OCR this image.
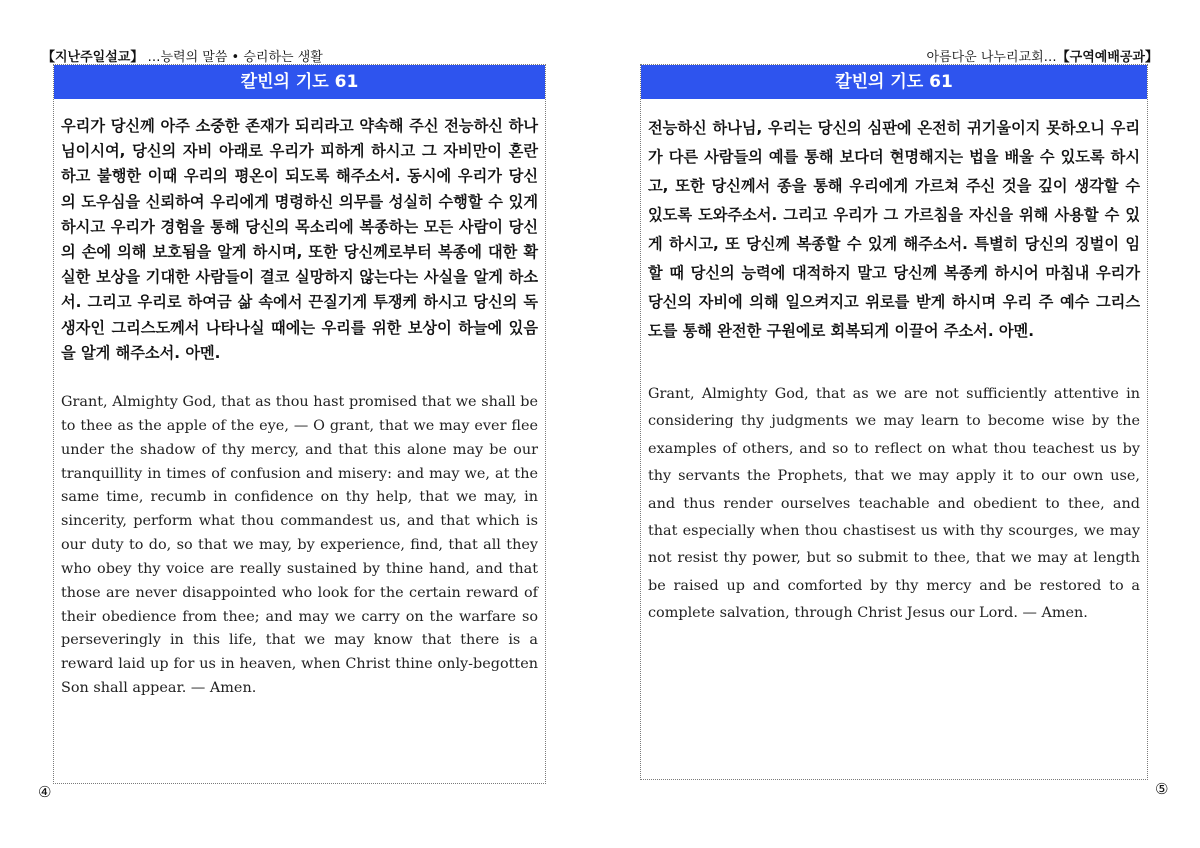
【지난주일설교】 …능력의 말씀 • 승리하는 생활	아름다운 나누리교회…【구역예배공과】
칼빈의 기도 61

우리가 당신께 아주 소중한 존재가 되리라고 약속해 주신 전능하신 하나님이시여, 당신의 자비 아래로 우리가 피하게 하시고 그 자비만이 혼란하고 불행한 이때 우리의 평온이 되도록 해주소서. 동시에 우리가 당신의 도우심을 신뢰하여 우리에게 명령하신 의무를 성실히 수행할 수 있게 하시고 우리가 경험을 통해 당신의 목소리에 복종하는 모든 사람이 당신의 손에 의해 보호됨을 알게 하시며, 또한 당신께로부터 복종에 대한 확실한 보상을 기대한 사람들이 결코 실망하지 않는다는 사실을 알게 하소서. 그리고 우리로 하여금 삶 속에서 끈질기게 투쟁케 하시고 당신의 독생자인 그리스도께서 나타나실 때에는 우리를 위한 보상이 하늘에 있음을 알게 해주소서. 아멘.

Grant, Almighty God, that as thou hast promised that we shall be to thee as the apple of the eye, — O grant, that we may ever flee under the shadow of thy mercy, and that this alone may be our tranquillity in times of confusion and misery: and may we, at the same time, recumb in confidence on thy help, that we may, in sincerity, perform what thou commandest us, and that which is our duty to do, so that we may, by experience, find, that all they who obey thy voice are really sustained by thine hand, and that those are never disappointed who look for the certain reward of their obedience from thee; and may we carry on the warfare so perseveringly in this life, that we may know that there is a reward laid up for us in heaven, when Christ thine only-begotten Son shall appear. — Amen.

칼빈의 기도 61

전능하신 하나님, 우리는 당신의 심판에 온전히 귀기울이지 못하오니 우리가 다른 사람들의 예를 통해 보다더 현명해지는 법을 배울 수 있도록 하시고, 또한 당신께서 종을 통해 우리에게 가르쳐 주신 것을 깊이 생각할 수 있도록 도와주소서. 그리고 우리가 그 가르침을 자신을 위해 사용할 수 있게 하시고, 또 당신께 복종할 수 있게 해주소서. 특별히 당신의 징벌이 임할 때 당신의 능력에 대적하지 말고 당신께 복종케 하시어 마침내 우리가 당신의 자비에 의해 일으켜지고 위로를 받게 하시며 우리 주 예수 그리스도를 통해 완전한 구원에로 회복되게 이끌어 주소서. 아멘.

Grant, Almighty God, that as we are not sufficiently attentive in considering thy judgments we may learn to become wise by the examples of others, and so to reflect on what thou teachest us by thy servants the Prophets, that we may apply it to our own use, and thus render ourselves teachable and obedient to thee, and that especially when thou chastisest us with thy scourges, we may not resist thy power, but so submit to thee, that we may at length be raised up and comforted by thy mercy and be restored to a complete salvation, through Christ Jesus our Lord. — Amen.

④	⑤
